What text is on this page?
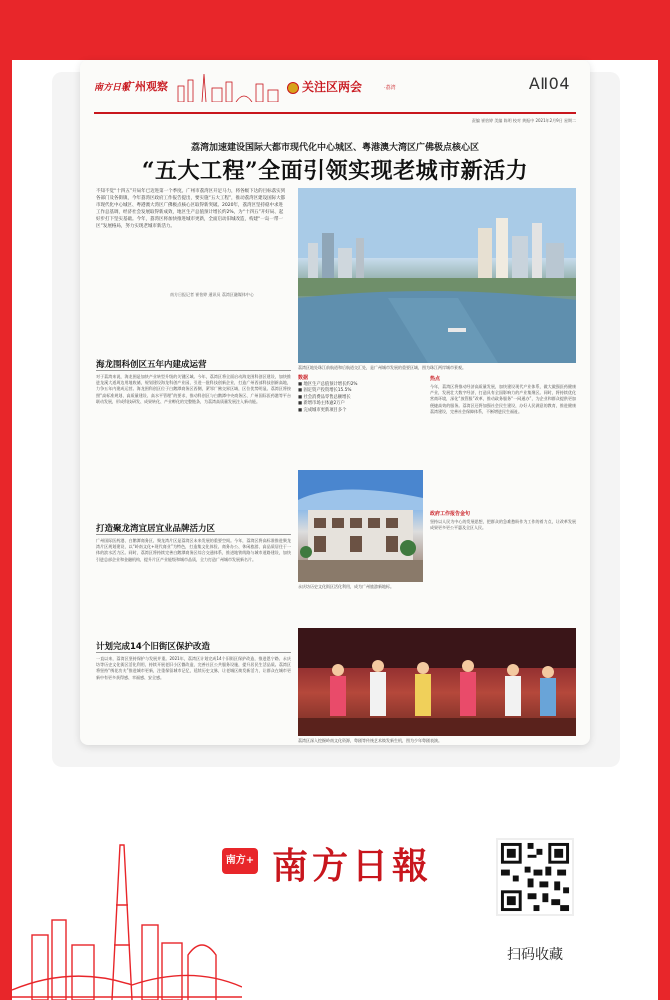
南方日報
广州观察	关注区两会	·荔湾	AⅡ04
责编 崔怡婷 美编 陈明 校对 黄振中 2021年2月9日 星期二
荔湾加速建设国际大都市现代化中心城区、粤港澳大湾区广佛极点核心区
“五大工程”全面引领实现老城市新活力
不知不觉“十四五”开局年已迈进第一个季度。广州市荔湾区开足马力，将各级下达的目标落实到各部门及各街镇，今年荔湾区政府工作报告提出，要实施“五大工程”，推动荔湾区建设国际大都市现代化中心城区、粤港澳大湾区广佛极点核心区取得新突破。2020年，荔湾区坚持稳中求进工作总基调，经济社会发展取得新成效，地区生产总值预计增长约2%，为“十四五”开好局、起好步打下坚实基础。今年，荔湾区将加快推进城市更新，全面启动旧城改造，构建“一岛一带一区”发展格局，努力实现老城市新活力。
南方日报记者 崔怡婷 通讯员 荔湾区融媒体中心
荔湾区地处珠江前航道和后航道交汇处，是广州城市发展的重要区域，图为珠江两岸城市景观。
海龙围科创区五年内建成运营
对于荔湾来说，海龙围是加快产业转型升级的关键区域。今年，荔湾区将全面启动海龙围科创区建设，加快推进龙溪大道周边用地收储，规划建设海龙科创产业园，引进一批科技创新企业，打造广州西部科技创新高地，力争五年内建成运营。海龙围科创区位于白鹅潭商务区西侧，紧邻广佛交界区域，区位优势明显。荔湾区将按照“高标准规划、高质量建设、高水平管理”的要求，推动科创区与白鹅潭中央商务区、广州国际医药港等平台联动发展，形成科技研发、成果转化、产业孵化的完整链条，为荔湾高质量发展注入新动能。
打造聚龙湾宜居宜业品牌活力区
广州国际医药港、白鹅潭商务区、聚龙湾片区是荔湾区未来发展的重要空间。今年，荔湾区将高标准推进聚龙湾片区规划建设，以“岭南文化+现代商业”为特色，打造集文化体验、商务办公、休闲旅游、高品质居住于一体的滨水活力区。同时，荔湾区将持续完善白鹅潭商务区综合交通体系，推进地铁线路与城市道路建设，加快引进总部企业和金融机构，提升片区产业能级和城市品质，全力打造广州城市发展新名片。
计划完成14个旧街区保护改造
一直以来，荔湾区坚持保护与发展并重。2021年，荔湾区计划完成14个旧街区保护改造，推进恩宁路、永庆坊等历史文化街区活化利用，持续开展老旧小区微改造，完善社区公共服务设施，提升居民生活品质。荔湾区将坚持“绣花功夫”推进城市更新，注重保留城市记忆，延续历史文脉，让老城区焕发新活力，让群众在城市更新中有更多获得感、幸福感、安全感。
数据
■ 地区生产总值预计增长约2%
■ 固定资产投资增长15.5%
■ 社会消费品零售总额增长
■ 新增市场主体逾2万户
■ 完成城市更新项目多个
永庆坊历史文化街区活化利用，成为广州旅游新地标。
热点
今年，荔湾区将推动经济高质量发展，加快建设现代产业体系，做大做强医药健康产业，发展壮大数字经济，打造具有全国影响力的产业集聚区。同时，将持续优化营商环境，深化“放管服”改革，推动政务服务“一网通办”，为企业和群众提供更加便捷高效的服务。荔湾区还将加强社会民生建设，办好人民满意的教育，推进健康荔湾建设，完善社会保障体系，不断增进民生福祉。
政府工作报告金句
坚持以人民为中心的发展思想，把群众的急难愁盼作为工作的着力点，让改革发展成果更多更公平惠及全区人民。
荔湾区深入挖掘岭南文化资源，粤剧等传统艺术焕发新生机，图为少年粤剧表演。
南方+ 南方日報
扫码收藏
